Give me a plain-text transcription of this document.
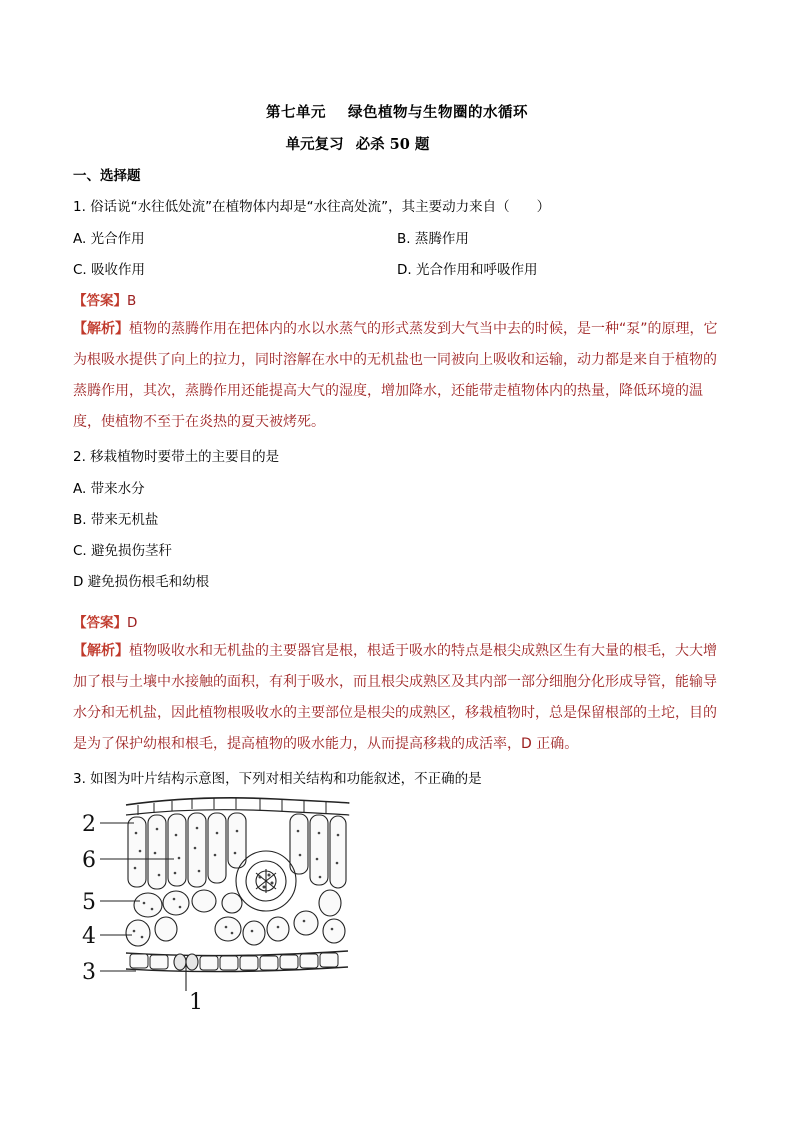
第七单元 绿色植物与生物圈的水循环
单元复习 必杀 50 题
一、选择题
1. 俗话说“水往低处流”在植物体内却是“水往高处流”，其主要动力来自（　　）
A. 光合作用	B. 蒸腾作用
C. 吸收作用	D. 光合作用和呼吸作用
【答案】B
【解析】植物的蒸腾作用在把体内的水以水蒸气的形式蒸发到大气当中去的时候，是一种“泵”的原理，它为根吸水提供了向上的拉力，同时溶解在水中的无机盐也一同被向上吸收和运输，动力都是来自于植物的蒸腾作用，其次，蒸腾作用还能提高大气的湿度，增加降水，还能带走植物体内的热量，降低环境的温度，使植物不至于在炎热的夏天被烤死。
2. 移栽植物时要带土的主要目的是
A. 带来水分
B. 带来无机盐
C. 避免损伤茎秆
D 避免损伤根毛和幼根
【答案】D
【解析】植物吸收水和无机盐的主要器官是根，根适于吸水的特点是根尖成熟区生有大量的根毛，大大增加了根与土壤中水接触的面积，有利于吸水，而且根尖成熟区及其内部一部分细胞分化形成导管，能输导水分和无机盐，因此植物根吸收水的主要部位是根尖的成熟区，移栽植物时，总是保留根部的土坨，目的是为了保护幼根和根毛，提高植物的吸水能力，从而提高移栽的成活率，D 正确。
3. 如图为叶片结构示意图，下列对相关结构和功能叙述，不正确的是
2
6
5
4
3
1
